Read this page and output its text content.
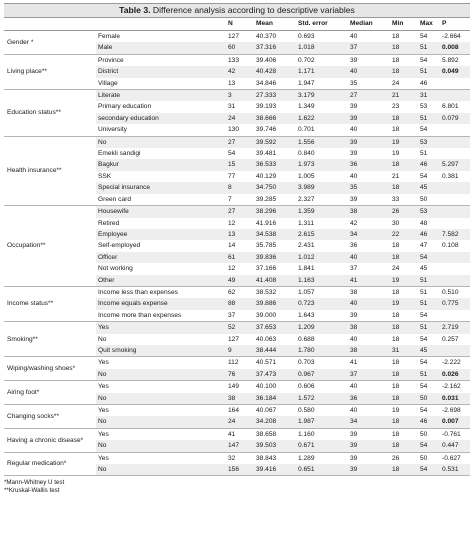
Table 3. Difference analysis according to descriptive variables
		N	Mean	Std. error	Median	Min	Max	P
Gender *	Female	127	40.370	0.693	40	18	54	-2.664
	Male	60	37.316	1.018	37	18	51	0.008
Living place**	Province	133	39.406	0.702	39	18	54	5.892
	District	42	40.428	1.171	40	18	51	0.049
	Village	13	34.846	1.947	35	24	46	
Education status**	Literate	3	27.333	3.179	27	21	31	
	Primary education	31	39.193	1.349	39	23	53	6.801
	secondary education	24	38.666	1.622	39	18	51	0.079
	University	130	39.746	0.701	40	18	54	
Health insurance**	No	27	39.592	1.556	39	19	53	
	Emekli sandigi	54	39.481	0.840	39	19	51	
	Bagkur	15	36.533	1.973	36	18	46	5.297
	SSK	77	40.129	1.005	40	21	54	0.381
	Special insurance	8	34.750	3.989	35	18	45	
	Green card	7	39.285	2.327	39	33	50	
Occupation**	Housewife	27	38.296	1.359	38	26	53	
	Retired	12	41.916	1.311	42	30	48	
	Employee	13	34.538	2.615	34	22	46	7.582
	Self-employed	14	35.785	2.431	36	18	47	0.108
	Officer	61	39.836	1.012	40	18	54	
	Not working	12	37.166	1.841	37	24	45	
	Other	49	41.408	1.163	41	19	51	
Income status**	Income less than expenses	62	38.532	1.057	38	18	51	0.510
	Income equals expense	88	39.886	0.723	40	19	51	0.775
	Income more than expenses	37	39.000	1.643	39	18	54	
Smoking**	Yes	52	37.653	1.209	38	18	51	2.719
	No	127	40.063	0.688	40	18	54	0.257
	Quit smoking	9	38.444	1.780	38	31	45	
Wiping/washing shoes*	Yes	112	40.571	0.703	41	18	54	-2.222
	No	76	37.473	0.967	37	18	51	0.026
Airing foot*	Yes	149	40.100	0.606	40	18	54	-2.162
	No	38	36.184	1.572	36	18	50	0.031
Changing socks**	Yes	164	40.067	0.580	40	19	54	-2.698
	No	24	34.208	1.987	34	18	46	0.007
Having a chronic disease*	Yes	41	38.658	1.160	39	18	50	-0.761
	No	147	39.503	0.671	39	18	54	0.447
Regular medication*	Yes	32	38.843	1.289	39	26	50	-0.627
	No	156	39.416	0.651	39	18	54	0.531
*Mann-Whitney U test
**Kruskal-Wallis test
